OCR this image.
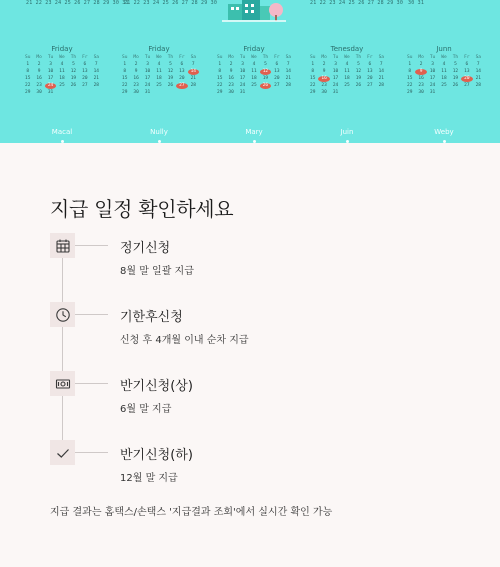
21 22 23 24 25 26 27 28 29 30 31
21 22 23 24 25 26 27 28 29 30	21 22 23 24 25 26 27 28 29 30 30 31
Friday
Su	Mo	Tu	We	Th	Fr	Sa
1	2	3	4	5	6	7
8	9	10	11	12	13	14
15	16	17	18	19	20	21
22	23	24	25	26	27	28
29	30	31
Macal
Friday
Su	Mo	Tu	We	Th	Fr	Sa
1	2	3	4	5	6	7
8	9	10	11	12	13	14
15	16	17	18	19	20	21
22	23	24	25	26	27	28
29	30	31
Nully
Friday
Su	Mo	Tu	We	Th	Fr	Sa
1	2	3	4	5	6	7
8	9	10	11	12	13	14
15	16	17	18	19	20	21
22	23	24	25	26	27	28
29	30	31
Mary
Tenesday
Su	Mo	Tu	We	Th	Fr	Sa
1	2	3	4	5	6	7
8	9	10	11	12	13	14
15	16	17	18	19	20	21
22	23	24	25	26	27	28
29	30	31
Juin
Junn
Su	Mo	Tu	We	Th	Fr	Sa
1	2	3	4	5	6	7
8	9	10	11	12	13	14
15	16	17	18	19	20	21
22	23	24	25	26	27	28
29	30	31
Weby
지급 일정 확인하세요
정기신청
8월 말 일괄 지급
기한후신청
신청 후 4개월 이내 순차 지급
반기신청(상)
6월 말 지급
반기신청(하)
12월 말 지급
지급 결과는 홈택스/손택스 '지급결과 조회'에서 실시간 확인 가능
